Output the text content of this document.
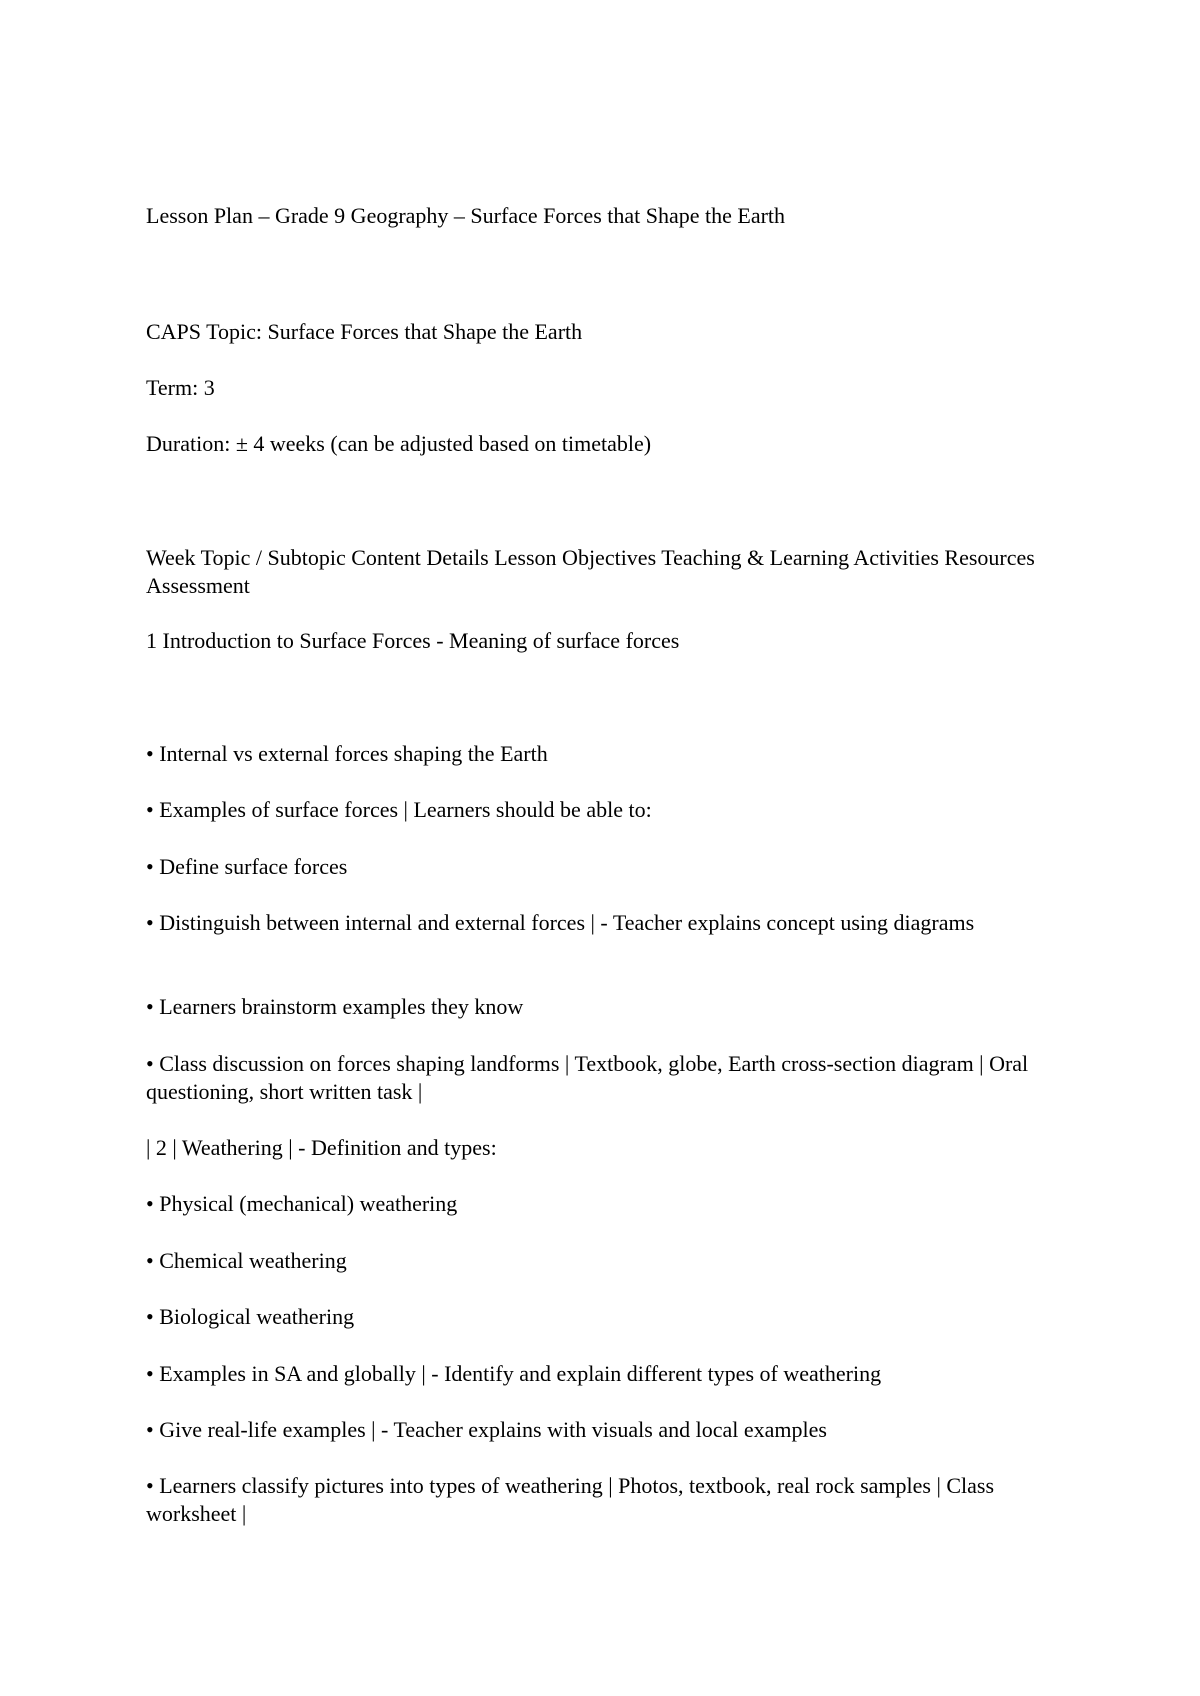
Lesson Plan – Grade 9 Geography – Surface Forces that Shape the Earth
CAPS Topic: Surface Forces that Shape the Earth
Term: 3
Duration: ± 4 weeks (can be adjusted based on timetable)
Week Topic / Subtopic Content Details Lesson Objectives Teaching & Learning Activities Resources Assessment
1 Introduction to Surface Forces - Meaning of surface forces
• Internal vs external forces shaping the Earth
• Examples of surface forces | Learners should be able to:
• Define surface forces
• Distinguish between internal and external forces | - Teacher explains concept using diagrams
• Learners brainstorm examples they know
• Class discussion on forces shaping landforms | Textbook, globe, Earth cross-section diagram | Oral questioning, short written task |
| 2 | Weathering | - Definition and types:
• Physical (mechanical) weathering
• Chemical weathering
• Biological weathering
• Examples in SA and globally | - Identify and explain different types of weathering
• Give real-life examples | - Teacher explains with visuals and local examples
• Learners classify pictures into types of weathering | Photos, textbook, real rock samples | Class worksheet |
